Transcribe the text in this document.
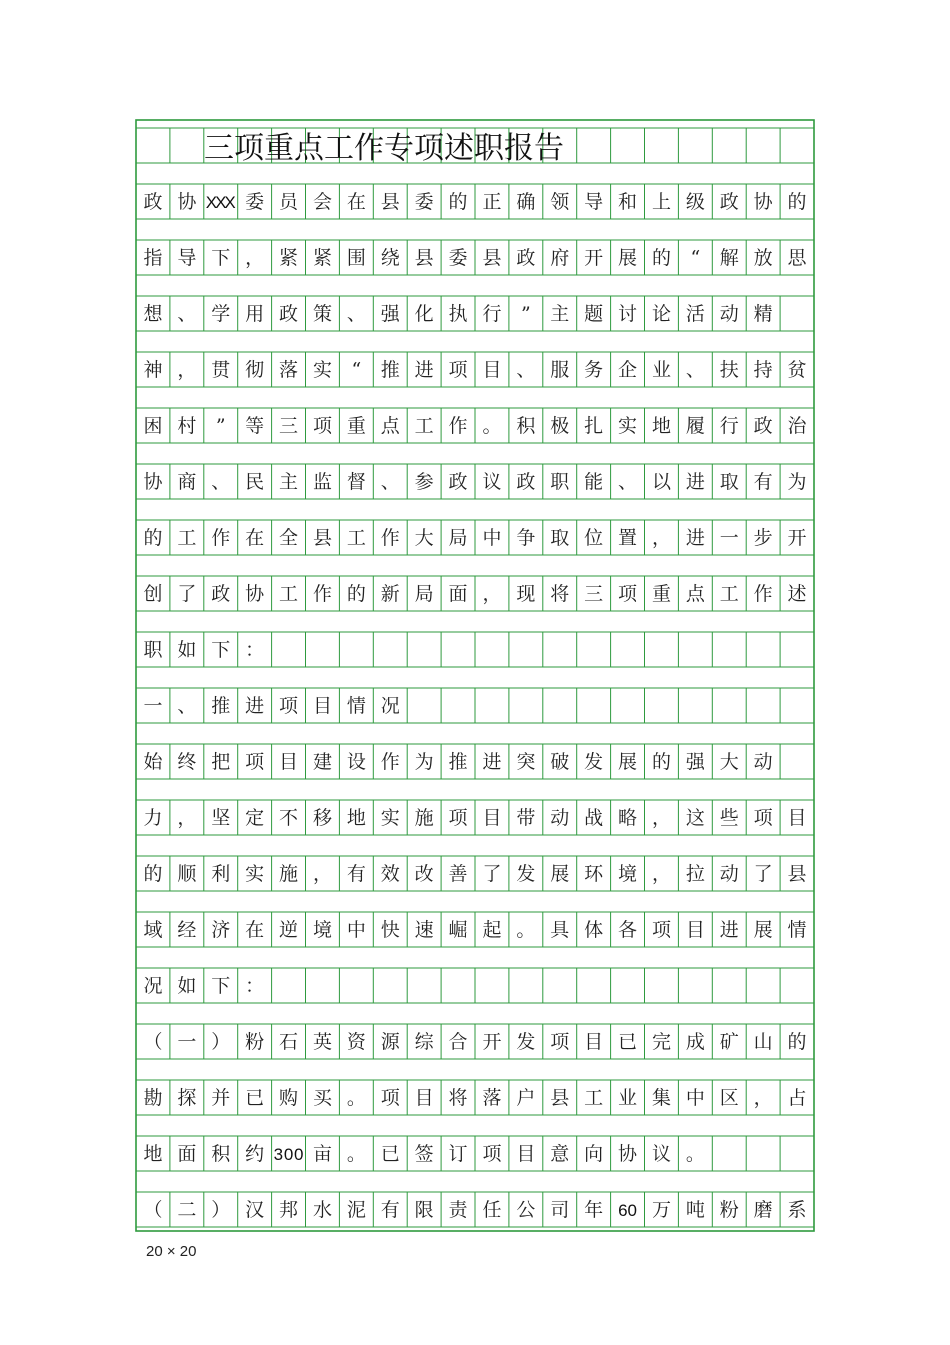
三项重点工作专项述职报告
政 协 XXX 委 员 会 在 县 委 的 正 确 领 导 和 上 级 政 协 的
指 导 下 ， 紧 紧 围 绕 县 委 县 政 府 开 展 的 “ 解 放 思
想 、 学 用 政 策 、 强 化 执 行 ” 主 题 讨 论 活 动 精
神 ， 贯 彻 落 实 “ 推 进 项 目 、 服 务 企 业 、 扶 持 贫
困 村 ” 等 三 项 重 点 工 作 。 积 极 扎 实 地 履 行 政 治
协 商 、 民 主 监 督 、 参 政 议 政 职 能 、 以 进 取 有 为
的 工 作 在 全 县 工 作 大 局 中 争 取 位 置 ， 进 一 步 开
创 了 政 协 工 作 的 新 局 面 ， 现 将 三 项 重 点 工 作 述
职 如 下 ：
一 、 推 进 项 目 情 况
始 终 把 项 目 建 设 作 为 推 进 突 破 发 展 的 强 大 动
力 ， 坚 定 不 移 地 实 施 项 目 带 动 战 略 ， 这 些 项 目
的 顺 利 实 施 ， 有 效 改 善 了 发 展 环 境 ， 拉 动 了 县
域 经 济 在 逆 境 中 快 速 崛 起 。 具 体 各 项 目 进 展 情
况 如 下 ：
（ 一 ） 粉 石 英 资 源 综 合 开 发 项 目 已 完 成 矿 山 的
勘 探 并 已 购 买 。 项 目 将 落 户 县 工 业 集 中 区 ， 占
地 面 积 约 300 亩 。 已 签 订 项 目 意 向 协 议 。
（ 二 ） 汉 邦 水 泥 有 限 责 任 公 司 年 60 万 吨 粉 磨 系
20 × 20
